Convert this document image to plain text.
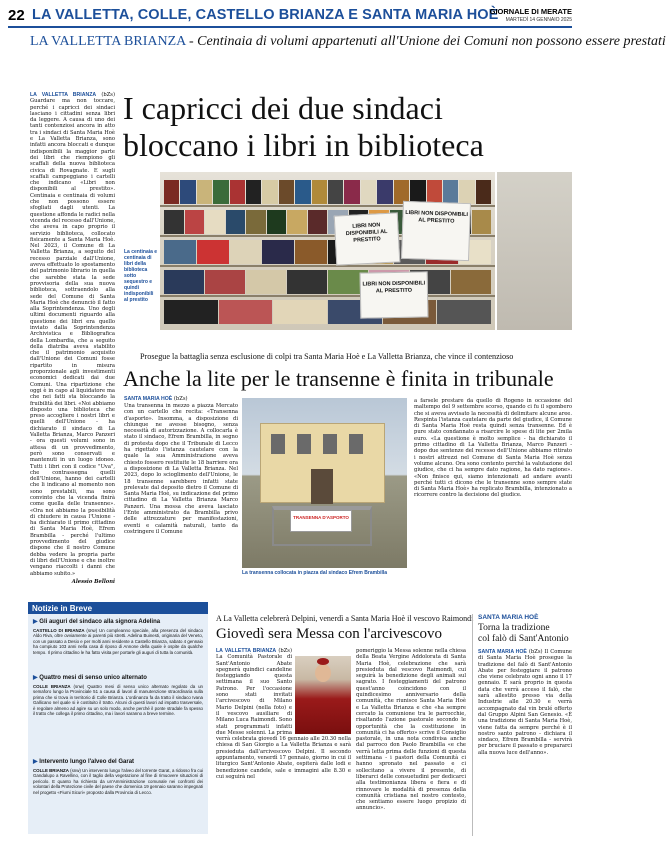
22 LA VALLETTA, COLLE, CASTELLO BRIANZA E SANTA MARIA HOÈ
GIORNALE DI MERATE
MARTEDÌ 14 GENNAIO 2025
LA VALLETTA BRIANZA - Centinaia di volumi appartenuti all'Unione dei Comuni non possono essere prestati

LA VALLETTA BRIANZA (bZs) Guardare ma non toccare, perché i capricci dei sindaci lasciano i cittadini senza libri da leggere. A causa di uno dei tanti contenziosi ancora in atto tra i sindaci di Santa Maria Hoè e La Valletta Brianza, sono infatti ancora bloccati e dunque indisponibili la maggior parte dei libri che riempiono gli scaffali della nuova biblioteca civica di Rovagnate. E sugli scaffali campeggiano i cartelli che indicano «Libri non disponibili al prestito». Centinaia e centinaia di volumi che non possono essere sfogliati dagli utenti. La questione affonda le radici nella vicenda del recesso dall'Unione, che aveva in capo proprio il servizio biblioteca, collocato fisicamente a Santa Maria Hoè. Nel 2023, il Comune di La Valletta Brianza, a seguito del recesso parziale dall'Unione, aveva effettuato lo spostamento del patrimonio librario in quella che sarebbe stata la sede provvisoria della sua nuova biblioteca, sottraendolo alla sede del Comune di Santa Maria Hoè che denunciò il fatto alla Soprintendenza. Uno degli ultimi documenti riguardo alla questione dei libri era quello inviato dalla Soprintendenza Archivistica e Bibliografica della Lombardia, che a seguito della diatriba aveva stabilito che il patrimonio acquisito dall'Unione dei Comuni fosse ripartito in misura proporzionale agli investimenti economici dedicati dai due Comuni. Una ripartizione che oggi è in capo al liquidatore ma che nei fatti sta bloccando la fruibilità dei libri. «Noi abbiamo disposto una biblioteca che preso accogliere i nostri libri e quelli dell'Unione - ha dichiarato il sindaco di La Valletta Brianza, Marco Panzeri - ora questi volumi sono in attesa di un provvedimento, però sono conservati e mantenuti in un luogo idoneo. Tutti i libri con il codice "Uva", che contrassegna quelli dell'Unione, hanno dei cartelli che li indicano al momento non sono prestabili, ma sono convinto che la vicenda finirà come quella delle transenne». «Ora noi abbiamo la possibilità di chiudere in causa l'Unione - ha dichiarato il primo cittadino di Santa Maria Hoè, Efrem Brambilla - perché l'ultimo provvedimento del giudice dispone che il nostro Comune debba vedere la propria parte di libri dell'Unione e che inoltre vengano riaccolti i danni che abbiamo subito.»

Alessio Belloni

I capricci dei due sindaci
bloccano i libri in biblioteca
La centinaia e centinaia di libri della biblioteca sotto sequestro e quindi indisponibili al prestito
LIBRI NON DISPONIBILI AL PRESTITO
LIBRI NON DISPONIBILI AL PRESTITO
LIBRI NON DISPONIBILI AL PRESTITO
Prosegue la battaglia senza esclusione di colpi tra Santa Maria Hoè e La Valletta Brianza, che vince il contenzioso
Anche la lite per le transenne è finita in tribunale
SANTA MARIA HOÈ (bZs)
Una transenna in mezzo a piazza Mercato con un cartello che recita: «Transenna d'asporto». Insomma, a disposizione di chiunque ne avesse bisogno, senza necessità di autorizzazione. A collocarla è stato il sindaco, Efrem Brambilla, in segno di protesta dopo che il Tribunale di Lecco ha rigettato l'istanza cautelare con la quale la sua Amministrazione aveva chiesto fossero restituite le 18 barriere ora a disposizione di La Valletta Brianza. Nel 2023, dopo lo scioglimento dell'Unione, le 18 transenne sarebbero infatti state prelevate dal deposito dietro il Comune di Santa Maria Hoè, su indicazione del primo cittadino di La Valletta Brianza Marco Panzeri. Una mossa che aveva lasciato l'Ente amministrato da Brambilla privo delle attrezzature per manifestazioni, eventi e calamità naturali, tanto da costringere il Comune
TRANSENNA D'ASPORTO
La transenna collocata in piazza dal sindaco Efrem Brambilla
a farsele prestare da quello di Rogeno in occasione del maltempo del 9 settembre scorso, quando ci fu il sgombero che si aveva avvisato la necessità di delimitare alcune aree. Respinta l'istanza cautelare da parte del giudice, il Comune di Santa Maria Hoè resta quindi senza transenne. Ed è pure stato condannato a risarcire le spese di lite per 2mila euro. «La questione è molto semplice - ha dichiarato il primo cittadino di La Valletta Brianza, Marco Panzeri - dopo due sentenze del recesso dell'Unione abbiamo ritirato i nostri attrezzi nel Comune di Santa Maria Hoè senza volume alcuno. Ora sono contento perché la valutazione del giudice, che ci ha sempre dato ragione, ha dato ragione». «Non finisce qui, siamo intenzionati ad andare avanti perché tutti ci dicono che le transenne sono sempre state di Santa Maria Hoè» ha replicato Brambilla, intenzionato a ricorrere contro la decisione del giudice.
Notizie in Breve
▶ Gli auguri del sindaco alla signora Adelina
CASTELLO DI BRIANZA (snw) Un compleanno speciale, alla presenza del sindaco Aldo Riva, oltre ovviamente ai parenti più stretti. Adelina Buinesti, originaria del Veneto, con un passato a Desio e per molti anni residente a Castello Brianza, sabato 4 gennaio ha compiuto 103 anni nella casa di riposo di Annone della quale è ospite da qualche tempo. Il primo cittadino le ha fatto visita per portarle gli auguri di tutta la comunità.
▶ Quattro mesi di senso unico alternato
COLLE BRIANZA (snw) Quattro mesi di senso unico alternato regolato da un semaforo lungo la Provinciale 51 a causa di lavori di manutenzione straordinaria sulla prima che si trova in territorio di Colle Brianza. L'ordinanza fa da tratto il sindaco Ivana Gallicano nel quale si è costituito il tratto. Alcuni di questi lavori ad impatto trasversale, è regolare almeno ad agire su un solo modo, anche perché il ponte stradale fa spesso il tratto che collega il primo cittadino, ma i lavori saranno a breve termine.
▶ Intervento lungo l'alveo del Garat
COLLE BRIANZA (snw) Un intervento lungo l'alveo del torrente Garat, a ridosso fra cui Gandalupo a Ravellino, con il taglio della vegetazione al fine di rimuovere situazioni di pericolo. E quanto ha richiesto da un'Amministrazione comunale nei confronti dei volontari della Protezione civile del paese che domenica 19 gennaio saranno impegnati nel progetto «Fiumi Sicuri» proposto dalla Provincia di Lecco.
A La Valletta celebrerà Delpini, venerdì a Santa Maria Hoè il vescovo Raimondi
Giovedì sera Messa con l'arcivescovo
LA VALLETTA BRIANZA (bZs) La Comunità Pastorale di Sant'Antonio Abate spegnerà quindici candeline festeggiando questa settimana il suo Santo Patrono. Per l'occasione sono stati invitati l'arcivescovo di Milano Mario Delpini (nella foto) e il vescovo ausiliare di Milano Luca Raimondi. Sono stati programmati infatti due Messe solenni. La prima verrà celebrata giovedì 16 gennaio alle 20.30 nella chiesa di San Giorgio a La Valletta Brianza e sarà presieduta dall'arcivescovo Delpini. Il secondo appuntamento, venerdì 17 gennaio, giorno in cui il liturgico Sant'Antonio Abate, ospiterà dalle lodi e benedizione candele, sale e immagini alle 8.30 e cui seguirà nel
pomeriggio la Messa solenne nella chiesa della Beata Vergine Addolorata di Santa Maria Hoè, celebrazione che sarà presieduta dal vescovo Raimondi, cui seguirà la benedizione degli animali sul sagrato. I festeggiamenti del patrono quest'anno coincidono con il quindicesimo anniversario della comunità, che riunisce Santa Maria Hoè e La Valletta Brianza e che «ha sempre cercato la comunione tra le parrocchie, risaltando l'azione pastorale secondo le opportunità che la costituzione in comunità ci ha offerto» scrive il Consiglio pastorale, in una nota condivisa anche dal parroco don Paolo Brambilla «e che verrà letta prima delle funzioni di questa settimana - i pastori della Comunità ci hanno spronato nel passato e ci sollecitano a vivere il presente, di liberarci delle consuetudini per dedicarci alla testimonianza libera e fiera e di rinnovare le modalità di presenza della comunità cristiana nel nostro contesto, che sentiamo essere luogo propizio di annuncio».
SANTA MARIA HOÈ
Torna la tradizione
col falò di Sant'Antonio
SANTA MARIA HOÈ (bZs) Il Comune di Santa Maria Hoè prosegue la tradizione del falò di Sant'Antonio Abate per festeggiare il patrono che viene celebrato ogni anno il 17 gennaio. E sarà proprio in questa data che verrà acceso il falò, che sarà allestito presso via della Industrie alle 20.30 e verrà accompagnato dal vin brulé offerto dal Gruppo Alpini San Genesio. «È una tradizione di Santa Maria Hoè, viene fatta da sempre perché è il nostro santo patrono - dichiara il sindaco, Efrem Brambilla - servirà per bruciare il passato e prepararci alla nuova luce dell'anno».
